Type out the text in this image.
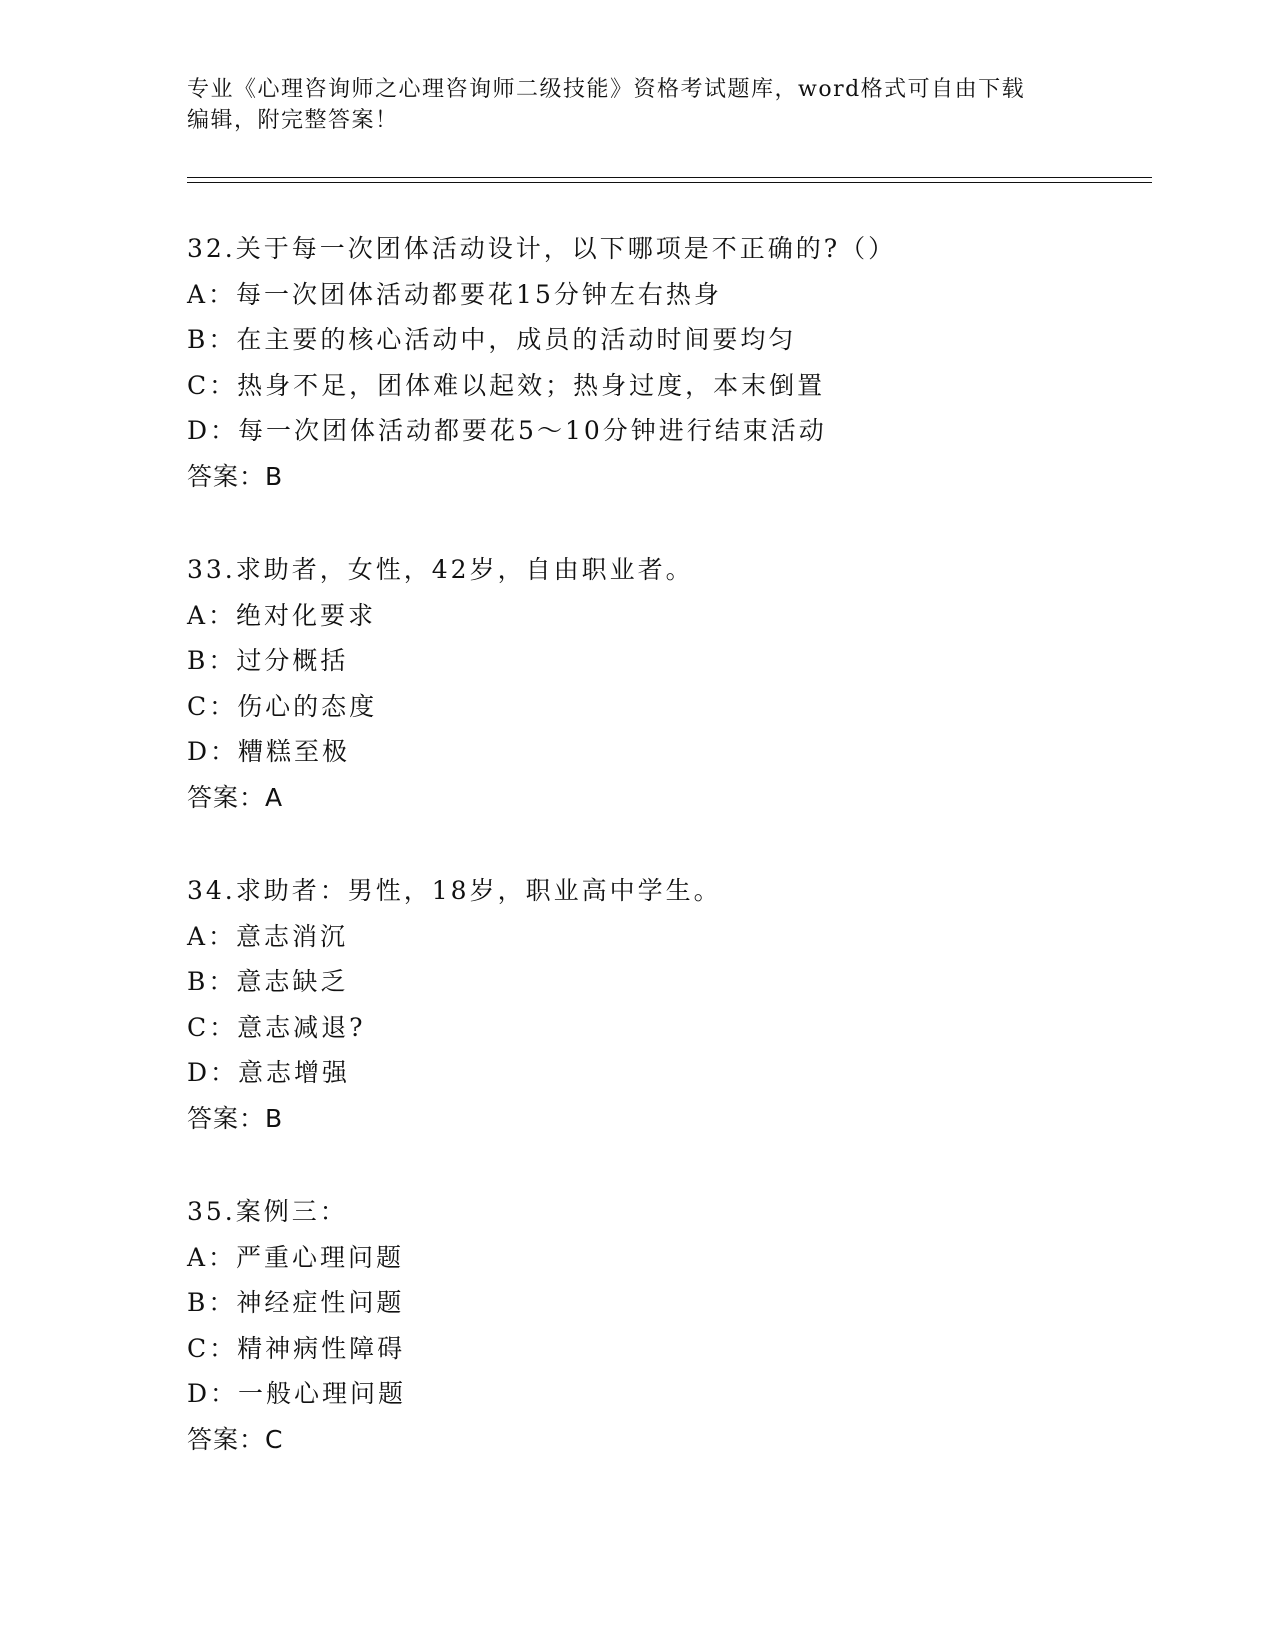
专业《心理咨询师之心理咨询师二级技能》资格考试题库，word格式可自由下载
编辑，附完整答案！
32.关于每一次团体活动设计，以下哪项是不正确的?（）
A：每一次团体活动都要花15分钟左右热身
B：在主要的核心活动中，成员的活动时间要均匀
C：热身不足，团体难以起效；热身过度，本末倒置
D：每一次团体活动都要花5～10分钟进行结束活动
答案：B
33.求助者，女性，42岁，自由职业者。
A：绝对化要求
B：过分概括
C：伤心的态度
D：糟糕至极
答案：A
34.求助者：男性，18岁，职业高中学生。
A：意志消沉
B：意志缺乏
C：意志减退?
D：意志增强
答案：B
35.案例三：
A：严重心理问题
B：神经症性问题
C：精神病性障碍
D：一般心理问题
答案：C
